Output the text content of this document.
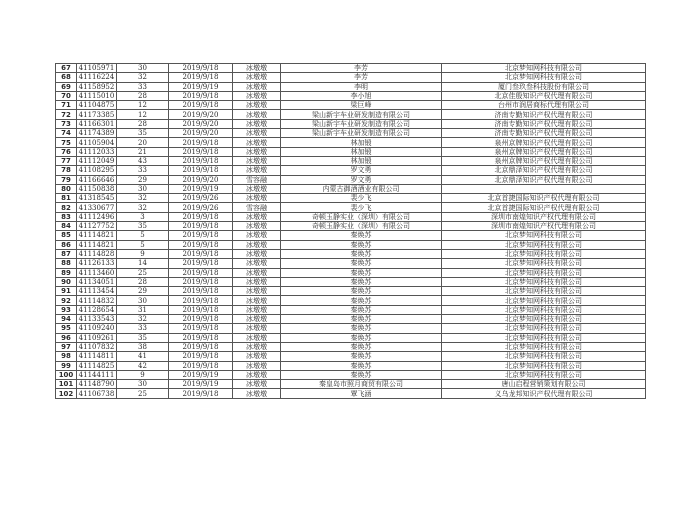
67	41105971	30	2019/9/18	冰墩墩	李芳	北京梦知网科技有限公司
68	41116224	32	2019/9/18	冰墩墩	李芳	北京梦知网科技有限公司
69	41158952	33	2019/9/19	冰墩墩	李明	厦门叁玖叁科技股份有限公司
70	41115010	28	2019/9/18	冰墩墩	李小旭	北京佳殷知识产权代理有限公司
71	41104875	12	2019/9/18	冰墩墩	梁巨峰	台州市润居商标代理有限公司
72	41173385	12	2019/9/20	冰墩墩	梁山新宇车业研发制造有限公司	济南专勤知识产权代理有限公司
73	41166301	28	2019/9/20	冰墩墩	梁山新宇车业研发制造有限公司	济南专勤知识产权代理有限公司
74	41174389	35	2019/9/20	冰墩墩	梁山新宇车业研发制造有限公司	济南专勤知识产权代理有限公司
75	41105904	20	2019/9/18	冰墩墩	林加锻	泉州京牌知识产权代理有限公司
76	41112033	21	2019/9/18	冰墩墩	林加锻	泉州京牌知识产权代理有限公司
77	41112049	43	2019/9/18	冰墩墩	林加锻	泉州京牌知识产权代理有限公司
78	41108295	33	2019/9/18	冰墩墩	罗文勇	北京鼎泽知识产权代理有限公司
79	41166646	29	2019/9/20	雪容融	罗文勇	北京鼎泽知识产权代理有限公司
80	41150838	30	2019/9/19	冰墩墩	内蒙古御酒酒业有限公司	
81	41318545	32	2019/9/26	冰墩墩	裴少飞	北京首捷国际知识产权代理有限公司
82	41330677	32	2019/9/26	雪容融	裴少飞	北京首捷国际知识产权代理有限公司
83	41112496	3	2019/9/18	冰墩墩	奇顿玉静实业（深圳）有限公司	深圳市南煌知识产权代理有限公司
84	41127752	35	2019/9/18	冰墩墩	奇顿玉静实业（深圳）有限公司	深圳市南煌知识产权代理有限公司
85	41114821	5	2019/9/18	冰墩墩	秦焕苏	北京梦知网科技有限公司
86	41114821	5	2019/9/18	冰墩墩	秦焕苏	北京梦知网科技有限公司
87	41114828	9	2019/9/18	冰墩墩	秦焕苏	北京梦知网科技有限公司
88	41126133	14	2019/9/18	冰墩墩	秦焕苏	北京梦知网科技有限公司
89	41113460	25	2019/9/18	冰墩墩	秦焕苏	北京梦知网科技有限公司
90	41134051	28	2019/9/18	冰墩墩	秦焕苏	北京梦知网科技有限公司
91	41113454	29	2019/9/18	冰墩墩	秦焕苏	北京梦知网科技有限公司
92	41114832	30	2019/9/18	冰墩墩	秦焕苏	北京梦知网科技有限公司
93	41128654	31	2019/9/18	冰墩墩	秦焕苏	北京梦知网科技有限公司
94	41133543	32	2019/9/18	冰墩墩	秦焕苏	北京梦知网科技有限公司
95	41109240	33	2019/9/18	冰墩墩	秦焕苏	北京梦知网科技有限公司
96	41109261	35	2019/9/18	冰墩墩	秦焕苏	北京梦知网科技有限公司
97	41107832	38	2019/9/18	冰墩墩	秦焕苏	北京梦知网科技有限公司
98	41114811	41	2019/9/18	冰墩墩	秦焕苏	北京梦知网科技有限公司
99	41114825	42	2019/9/18	冰墩墩	秦焕苏	北京梦知网科技有限公司
100	41144111	9	2019/9/19	冰墩墩	秦焕苏	北京梦知网科技有限公司
101	41148790	30	2019/9/19	冰墩墩	秦皇岛市照月商贸有限公司	唐山启程营销策划有限公司
102	41106738	25	2019/9/18	冰墩墩	覃飞涵	义乌龙邦知识产权代理有限公司
